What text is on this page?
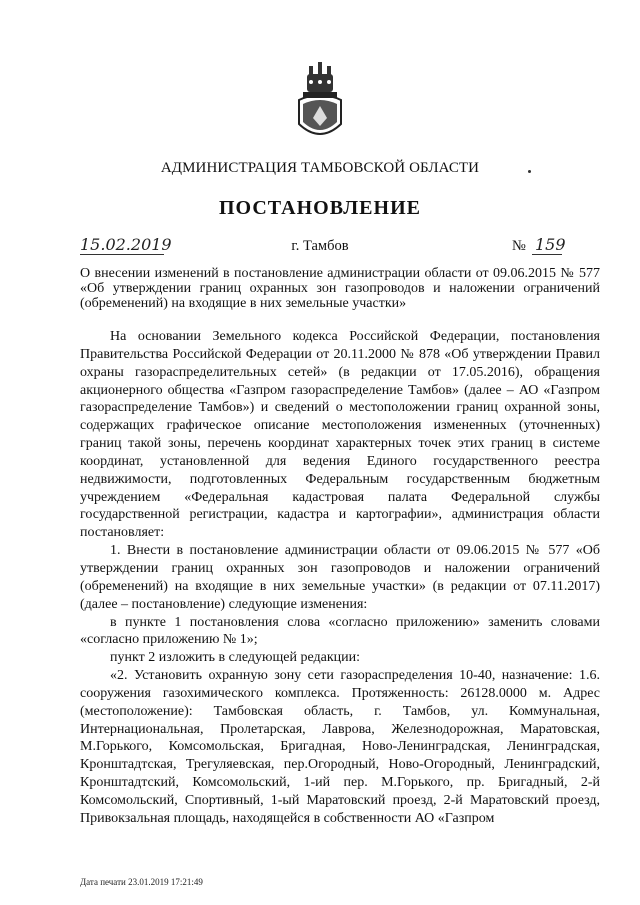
АДМИНИСТРАЦИЯ ТАМБОВСКОЙ ОБЛАСТИ
ПОСТАНОВЛЕНИЕ
15.02.2019	г. Тамбов	№ 159
О внесении изменений в постановление администрации области от 09.06.2015 № 577 «Об утверждении границ охранных зон газопроводов и наложении ограничений (обременений) на входящие в них земельные участки»

На основании Земельного кодекса Российской Федерации, постановления Правительства Российской Федерации от 20.11.2000 № 878 «Об утверждении Правил охраны газораспределительных сетей» (в редакции от 17.05.2016), обращения акционерного общества «Газпром газораспределение Тамбов» (далее – АО «Газпром газораспределение Тамбов») и сведений о местоположении границ охранной зоны, содержащих графическое описание местоположения измененных (уточненных) границ такой зоны, перечень координат характерных точек этих границ в системе координат, установленной для ведения Единого государственного реестра недвижимости, подготовленных Федеральным государственным бюджетным учреждением «Федеральная кадастровая палата Федеральной службы государственной регистрации, кадастра и картографии», администрация области постановляет:

1. Внести в постановление администрации области от 09.06.2015 № 577 «Об утверждении границ охранных зон газопроводов и наложении ограничений (обременений) на входящие в них земельные участки» (в редакции от 07.11.2017) (далее – постановление) следующие изменения:

в пункте 1 постановления слова «согласно приложению» заменить словами «согласно приложению № 1»;

пункт 2 изложить в следующей редакции:

«2. Установить охранную зону сети газораспределения 10-40, назначение: 1.6. сооружения газохимического комплекса. Протяженность: 26128.0000 м. Адрес (местоположение): Тамбовская область, г. Тамбов, ул. Коммунальная, Интернациональная, Пролетарская, Лаврова, Железнодорожная, Маратовская, М.Горького, Комсомольская, Бригадная, Ново-Ленинградская, Ленинградская, Кронштадтская, Трегуляевская, пер.Огородный, Ново-Огородный, Ленинградский, Кронштадтский, Комсомольский, 1-ий пер. М.Горького, пр. Бригадный, 2-й Комсомольский, Спортивный, 1-ый Маратовский проезд, 2-й Маратовский проезд, Привокзальная площадь, находящейся в собственности АО «Газпром

Дата печати 23.01.2019 17:21:49
